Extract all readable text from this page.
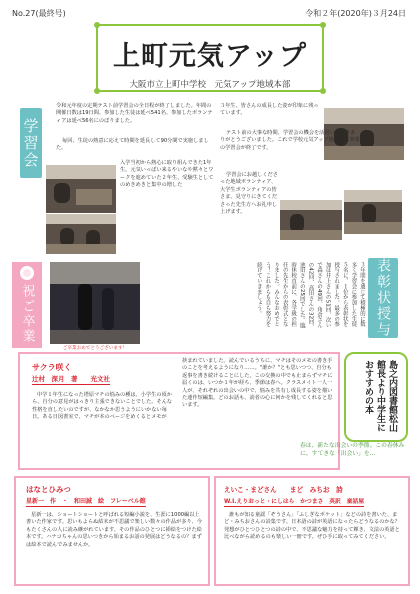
No.27(最終号)	令和２年(2020年)３月24日
上町元気アップ
大阪市立上町中学校　元気アップ地域本部
学習会
令和元年度の定期テスト前学習会の全日程が終了しました。年間の開催日数は19日間、参加した生徒は延べ541名、参加したボランティアは延べ56名にのぼりました。
毎回、生徒の熱意に応えて時間を延長して90分間で実施しました。
入学当初から熱心に取り組んできた1年生。元気いっぱい来るやいなや黙々とワークを進めていた２年生、受験生としてのめきめきと集中の増した
３年生、皆さんの成長した姿が印象に残っています。
テスト前の大事な時間、学習会の機会を活用いただきありがとうございました。これで学校元気アップ地域本部事業の学習会が終了です。
学習会にお越しくださった地域ボランティア、大学生ボランティアの皆さま、見守りにきてくださった先生方へお礼申し上げます。
表彰状授与
３年間を通じて積極的に数多く学習会に参加した生徒５名に、１位から表彰状を授与されました。最多の参加は井上さんの51回、次いで森さんの49回、角倉さんの42回、高田さんの32回、池田さんの25回でした。臨時休校直前に、各学級の担任の先生からの表彰式となりました。みんなおめでとう！これからも自ら努力を続けていきましょう。
祝ご卒業
ご卒業おめでとうございます！
サクラ咲く
辻村　深月　著　　光文社
中学１年生になった塔原マチの悩みの種は、小学生の頃から、自分の意見がはっきり主張できないことでした。そんな性格を直したいのですが、なかなか思うようにいかない毎日。ある日図書室で、マチが本のページをめくるとメモが
挟まれていました。読んでいるうちに、マチはそのメモの書き手のことを考えるようになり……。"誰か？"とも思いつつ、自分も返事を書き続けることにした。この交換の中でも止まらずマチに届くのは、いつか１年が経ち、季節は春へ。クラスメイト一人一人が、それぞれの出会いの中で、悩みを共有し成長する姿を描いた連作短編集。どのお話も、読者の心に何かを残してくれると思います。	島之内図書館松山館長より中学生におすすめの本
春は、新たな出会いの季節。この春休みに、すてきな「出会い」を…
はなとひみつ
星新一　作　・　和田誠　絵　フレーベル館
星新一は、ショートショートと呼ばれる短編小説を、生涯に1000編以上書いた作家です。思いもよらぬ結末が不思議で楽しい数々の作品が多り、今もたくさんの人に読み継がれています。その作品のひとつに挿絵をつけた絵本です。ハナコちゃんの思いつきから始まるお話の発展はどうなるの？まずは絵本で読んでみませんか。
えいこ・まどさん　　まど　みちお　詩
W.I.えりおっと・にしはら　かつまさ　英訳　童話屋
誰もが知る童謡「ぞうさん」「ふしぎなポケット」などの詩を書いた、まど・みちおさんの詩集です。日本語の詩が英語になったらどうなるのかな？発想がひとつひとつの詩の中で、不思議な魅力を持って輝き、文法の英語と比べながら読めるのも楽しい一冊です。ぜひ手に取ってみてください。
